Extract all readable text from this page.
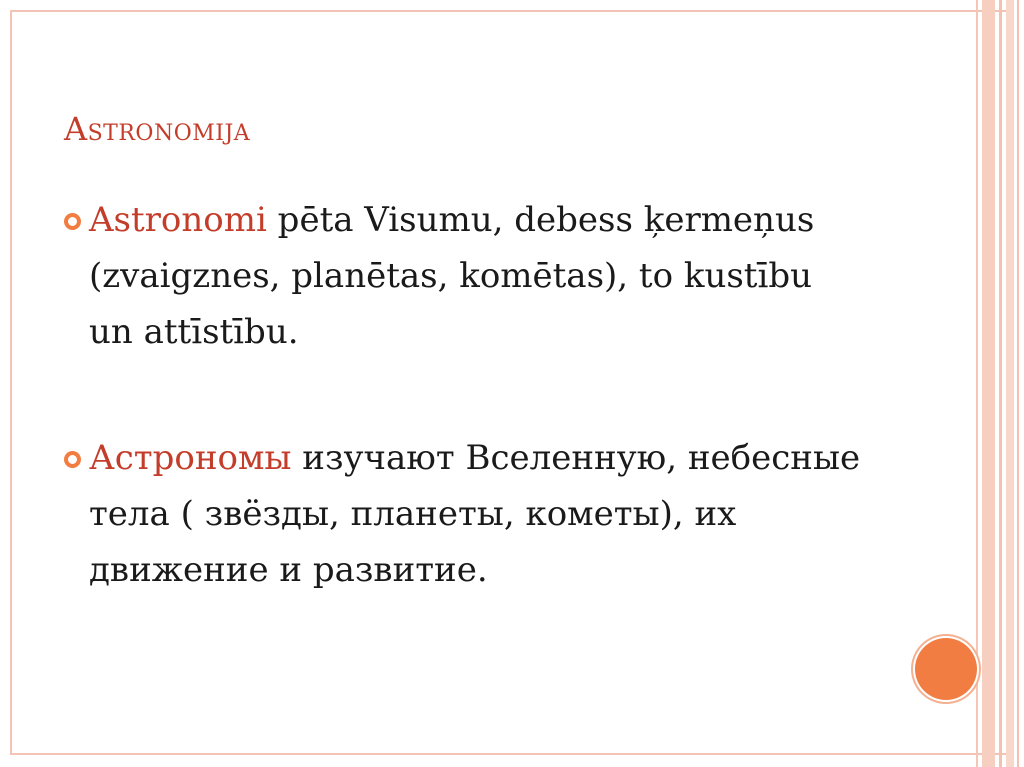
Astronomija
Astronomi pēta Visumu, debess ķermeņus (zvaigznes, planētas, komētas), to kustību un attīstību.
Астрономы изучают Вселенную, небесные тела ( звёзды, планеты, кометы), их движение и развитие.
